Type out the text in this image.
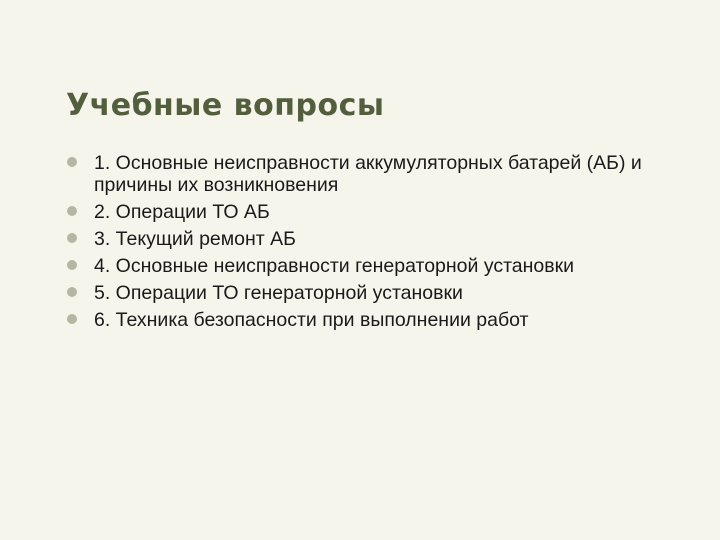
Учебные вопросы
1. Основные неисправности аккумуляторных батарей (АБ) и причины их возникновения
2. Операции ТО АБ
3. Текущий ремонт АБ
4. Основные неисправности генераторной установки
5. Операции ТО генераторной установки
6. Техника безопасности при выполнении работ
